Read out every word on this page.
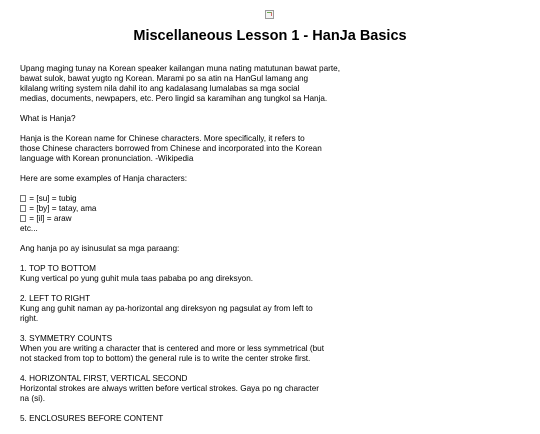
Miscellaneous Lesson 1 - HanJa Basics
Upang maging tunay na Korean speaker kailangan muna nating matutunan bawat parte,
bawat sulok, bawat yugto ng Korean. Marami po sa atin na HanGul lamang ang
kilalang writing system nila dahil ito ang kadalasang lumalabas sa mga social
medias, documents, newpapers, etc. Pero lingid sa karamihan ang tungkol sa Hanja.
What is Hanja?
Hanja is the Korean name for Chinese characters. More specifically, it refers to
those Chinese characters borrowed from Chinese and incorporated into the Korean
language with Korean pronunciation. -Wikipedia
Here are some examples of Hanja characters:
= [su] = tubig
= [by] = tatay, ama
= [il] = araw
etc...
Ang hanja po ay isinusulat sa mga paraang:
1. TOP TO BOTTOM
Kung vertical po yung guhit mula taas pababa po ang direksyon.
2. LEFT TO RIGHT
Kung ang guhit naman ay pa-horizontal ang direksyon ng pagsulat ay from left to
right.
3. SYMMETRY COUNTS
When you are writing a character that is centered and more or less symmetrical (but
not stacked from top to bottom) the general rule is to write the center stroke first.
4. HORIZONTAL FIRST, VERTICAL SECOND
Horizontal strokes are always written before vertical strokes. Gaya po ng character
na (si).
5. ENCLOSURES BEFORE CONTENT
